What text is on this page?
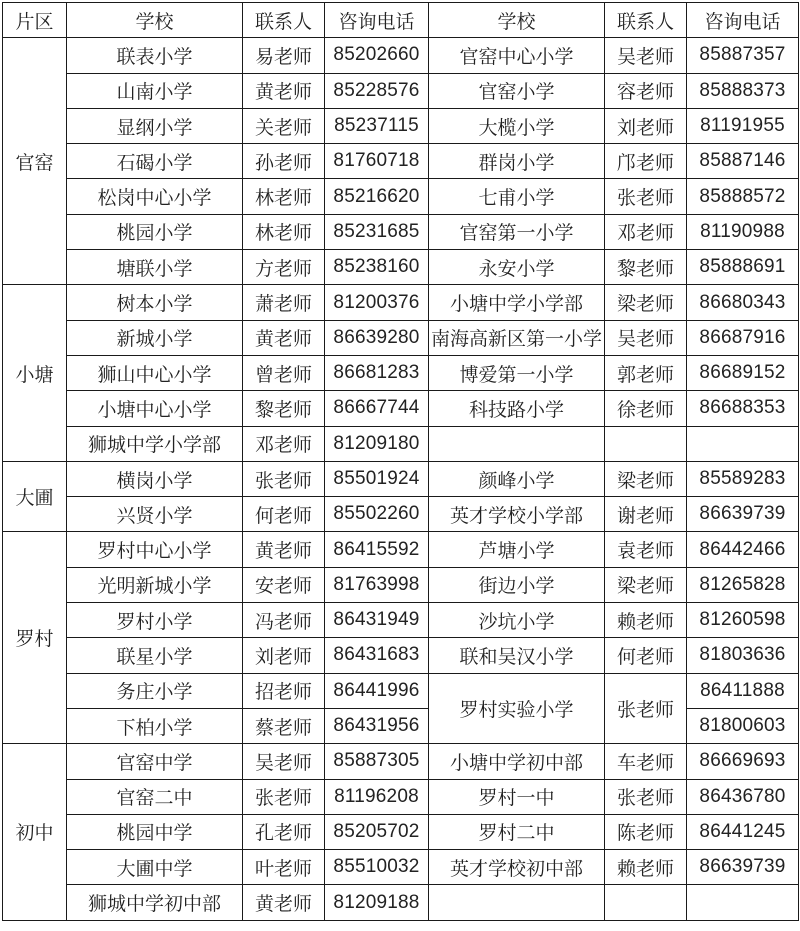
片区	学校	联系人	咨询电话	学校	联系人	咨询电话
官窑	联表小学	易老师	85202660	官窑中心小学	吴老师	85887357
	山南小学	黄老师	85228576	官窑小学	容老师	85888373
	显纲小学	关老师	85237115	大榄小学	刘老师	81191955
	石碣小学	孙老师	81760718	群岗小学	邝老师	85887146
	松岗中心小学	林老师	85216620	七甫小学	张老师	85888572
	桃园小学	林老师	85231685	官窑第一小学	邓老师	81190988
	塘联小学	方老师	85238160	永安小学	黎老师	85888691
小塘	树本小学	萧老师	81200376	小塘中学小学部	梁老师	86680343
	新城小学	黄老师	86639280	南海高新区第一小学	吴老师	86687916
	狮山中心小学	曾老师	86681283	博爱第一小学	郭老师	86689152
	小塘中心小学	黎老师	86667744	科技路小学	徐老师	86688353
	狮城中学小学部	邓老师	81209180			
大圃	横岗小学	张老师	85501924	颜峰小学	梁老师	85589283
	兴贤小学	何老师	85502260	英才学校小学部	谢老师	86639739
罗村	罗村中心小学	黄老师	86415592	芦塘小学	袁老师	86442466
	光明新城小学	安老师	81763998	街边小学	梁老师	81265828
	罗村小学	冯老师	86431949	沙坑小学	赖老师	81260598
	联星小学	刘老师	86431683	联和吴汉小学	何老师	81803636
	务庄小学	招老师	86441996	罗村实验小学	张老师	86411888
	下柏小学	蔡老师	86431956			81800603
初中	官窑中学	吴老师	85887305	小塘中学初中部	车老师	86669693
	官窑二中	张老师	81196208	罗村一中	张老师	86436780
	桃园中学	孔老师	85205702	罗村二中	陈老师	86441245
	大圃中学	叶老师	85510032	英才学校初中部	赖老师	86639739
	狮城中学初中部	黄老师	81209188			
